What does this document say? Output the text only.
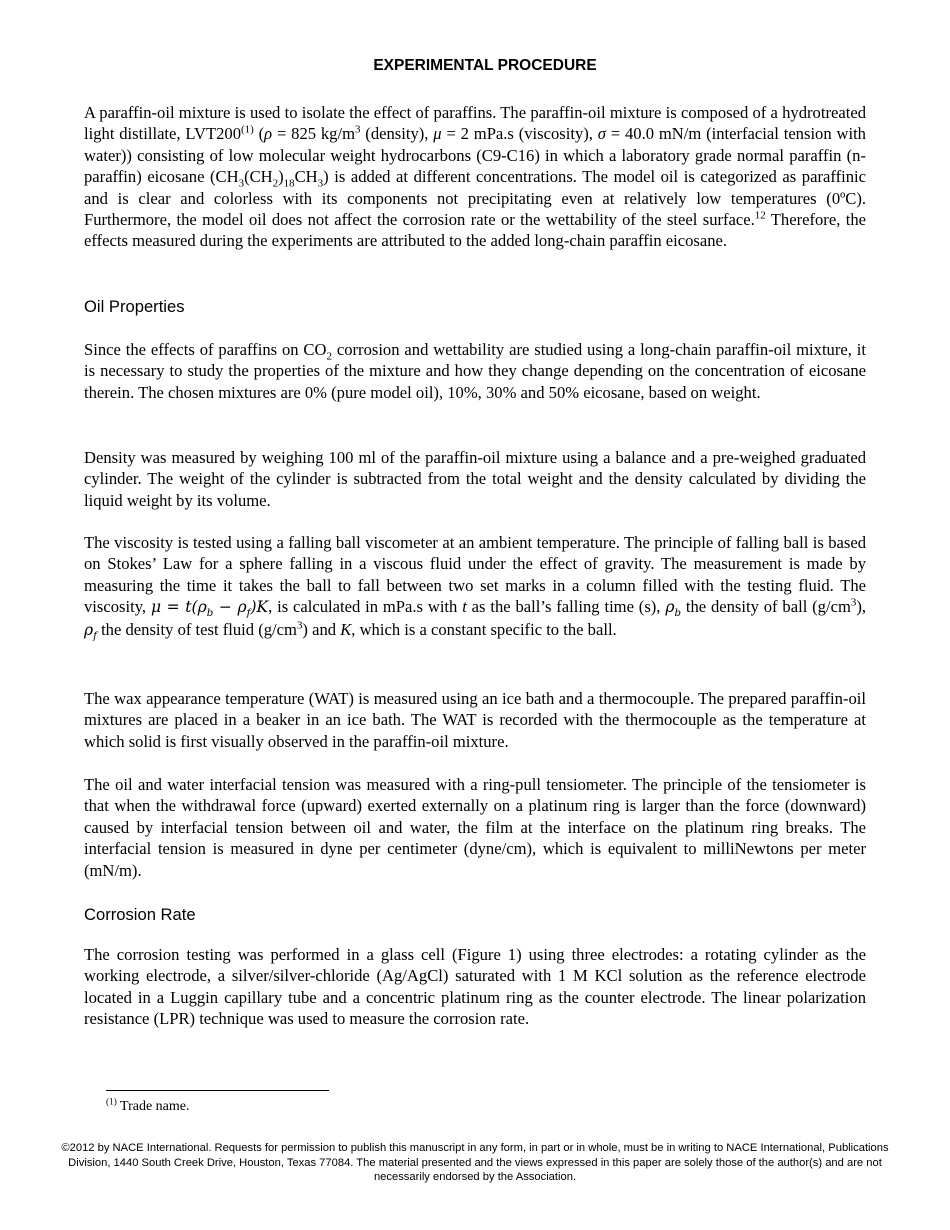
EXPERIMENTAL PROCEDURE

A paraffin-oil mixture is used to isolate the effect of paraffins. The paraffin-oil mixture is composed of a hydrotreated light distillate, LVT200$^{(1)}$ (ρ = 825 $kg/m^3$ (density), μ = 2 mPa.s (viscosity), σ = 40.0 mN/m (interfacial tension with water)) consisting of low molecular weight hydrocarbons (C9-C16) in which a laboratory grade normal paraffin (n-paraffin) eicosane $(CH_3(CH_2)_{18}CH_3)$ is added at different concentrations. The model oil is categorized as paraffinic and is clear and colorless with its components not precipitating even at relatively low temperatures (0ºC). Furthermore, the model oil does not affect the corrosion rate or the wettability of the steel surface.$^{12}$ Therefore, the effects measured during the experiments are attributed to the added long-chain paraffin eicosane.

Oil Properties

Since the effects of paraffins on $CO_2$ corrosion and wettability are studied using a long-chain paraffin-oil mixture, it is necessary to study the properties of the mixture and how they change depending on the concentration of eicosane therein. The chosen mixtures are 0% (pure model oil), 10%, 30% and 50% eicosane, based on weight.

Density was measured by weighing 100 ml of the paraffin-oil mixture using a balance and a pre-weighed graduated cylinder. The weight of the cylinder is subtracted from the total weight and the density calculated by dividing the liquid weight by its volume.

The viscosity is tested using a falling ball viscometer at an ambient temperature. The principle of falling ball is based on Stokes’ Law for a sphere falling in a viscous fluid under the effect of gravity. The measurement is made by measuring the time it takes the ball to fall between two set marks in a column filled with the testing fluid. The viscosity, $\mu = t(\rho_b - \rho_f)K$, is calculated in mPa.s with t as the ball’s falling time (s), $\rho_b$ the density of ball $(g/cm^3)$, $\rho_f$ the density of test fluid $(g/cm^3)$ and K, which is a constant specific to the ball.

The wax appearance temperature (WAT) is measured using an ice bath and a thermocouple. The prepared paraffin-oil mixtures are placed in a beaker in an ice bath. The WAT is recorded with the thermocouple as the temperature at which solid is first visually observed in the paraffin-oil mixture.

The oil and water interfacial tension was measured with a ring-pull tensiometer. The principle of the tensiometer is that when the withdrawal force (upward) exerted externally on a platinum ring is larger than the force (downward) caused by interfacial tension between oil and water, the film at the interface on the platinum ring breaks. The interfacial tension is measured in dyne per centimeter (dyne/cm), which is equivalent to milliNewtons per meter (mN/m).

Corrosion Rate

The corrosion testing was performed in a glass cell (Figure 1) using three electrodes: a rotating cylinder as the working electrode, a silver/silver-chloride (Ag/AgCl) saturated with 1 M KCl solution as the reference electrode located in a Luggin capillary tube and a concentric platinum ring as the counter electrode. The linear polarization resistance (LPR) technique was used to measure the corrosion rate.

$^{(1)}$ Trade name.
©2012 by NACE International. Requests for permission to publish this manuscript in any form, in part or in whole, must be in writing to NACE International, Publications Division, 1440 South Creek Drive, Houston, Texas 77084. The material presented and the views expressed in this paper are solely those of the author(s) and are not necessarily endorsed by the Association.
